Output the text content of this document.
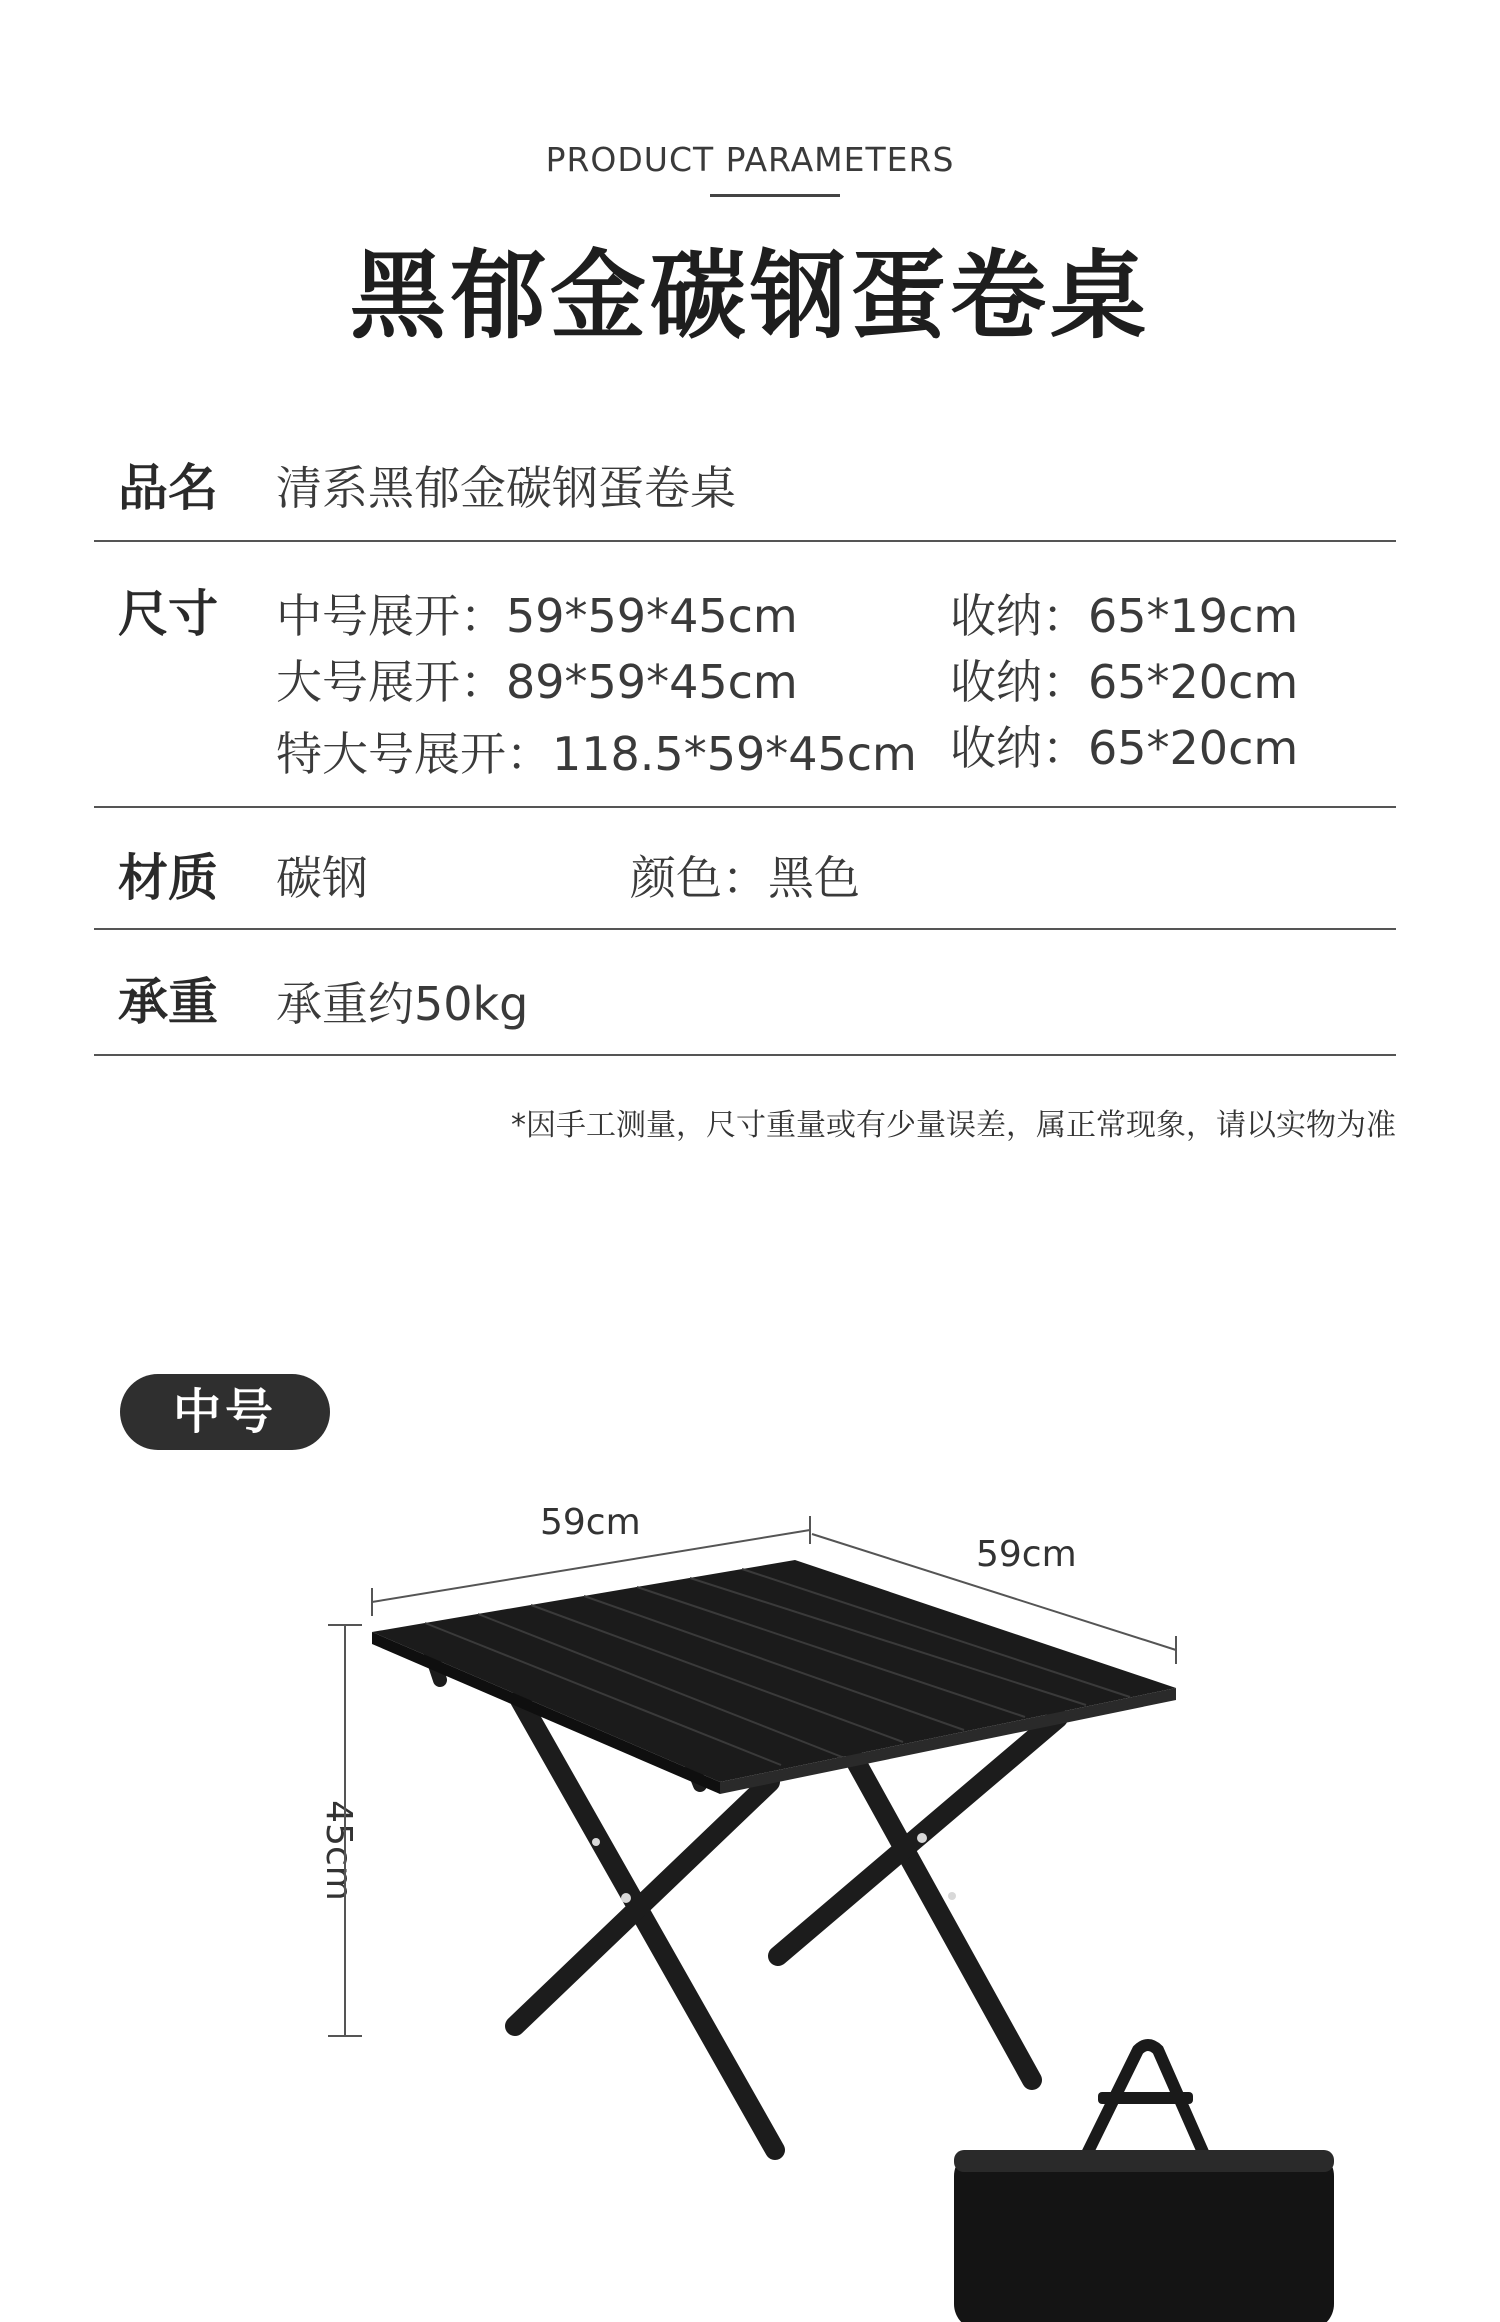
PRODUCT PARAMETERS
黑郁金碳钢蛋卷桌
品名 清系黑郁金碳钢蛋卷桌
尺寸 中号展开：59*59*45cm	收纳：65*19cm
大号展开：89*59*45cm	收纳：65*20cm
特大号展开：118.5*59*45cm 收纳：65*20cm
材质 碳钢	颜色：黑色
承重 承重约50kg
*因手工测量，尺寸重量或有少量误差，属正常现象，请以实物为准
中号
59cm
59cm
45cm
